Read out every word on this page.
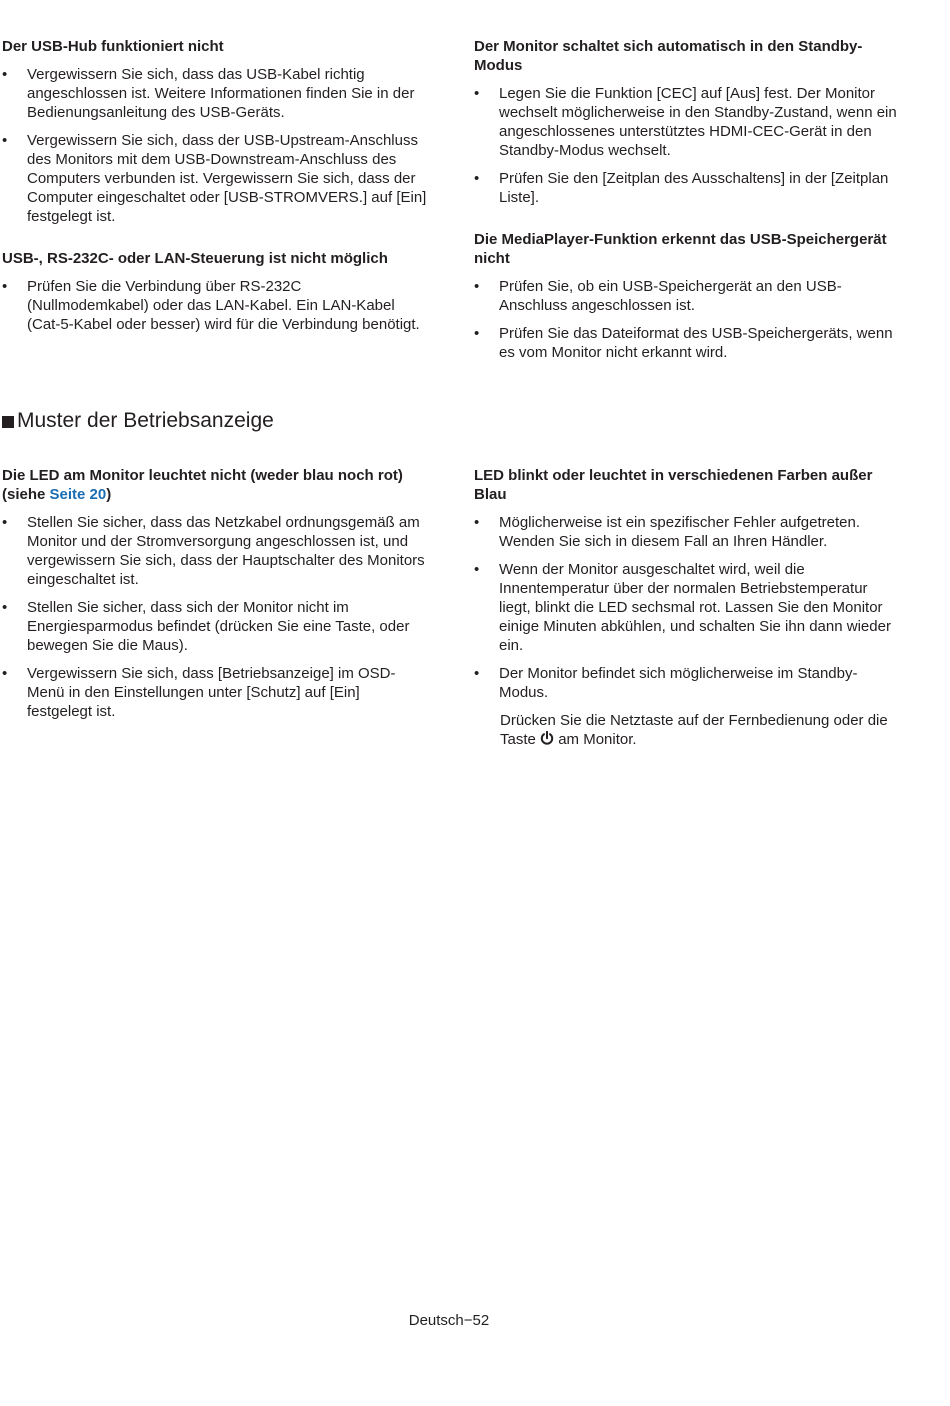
Der USB-Hub funktioniert nicht
•	Vergewissern Sie sich, dass das USB-Kabel richtig angeschlossen ist. Weitere Informationen finden Sie in der Bedienungsanleitung des USB-Geräts.
•	Vergewissern Sie sich, dass der USB-Upstream-Anschluss des Monitors mit dem USB-Downstream-Anschluss des Computers verbunden ist. Vergewissern Sie sich, dass der Computer eingeschaltet oder [USB-STROMVERS.] auf [Ein] festgelegt ist.
USB-, RS-232C- oder LAN-Steuerung ist nicht möglich
•	Prüfen Sie die Verbindung über RS-232C (Nullmodemkabel) oder das LAN-Kabel. Ein LAN-Kabel (Cat-5-Kabel oder besser) wird für die Verbindung benötigt.
Der Monitor schaltet sich automatisch in den Standby-Modus
•	Legen Sie die Funktion [CEC] auf [Aus] fest. Der Monitor wechselt möglicherweise in den Standby-Zustand, wenn ein angeschlossenes unterstütztes HDMI-CEC-Gerät in den Standby-Modus wechselt.
•	Prüfen Sie den [Zeitplan des Ausschaltens] in der [Zeitplan Liste].
Die MediaPlayer-Funktion erkennt das USB-Speichergerät nicht
•	Prüfen Sie, ob ein USB-Speichergerät an den USB-Anschluss angeschlossen ist.
•	Prüfen Sie das Dateiformat des USB-Speichergeräts, wenn es vom Monitor nicht erkannt wird.
Muster der Betriebsanzeige
Die LED am Monitor leuchtet nicht (weder blau noch rot) (siehe Seite 20)
•	Stellen Sie sicher, dass das Netzkabel ordnungsgemäß am Monitor und der Stromversorgung angeschlossen ist, und vergewissern Sie sich, dass der Hauptschalter des Monitors eingeschaltet ist.
•	Stellen Sie sicher, dass sich der Monitor nicht im Energiesparmodus befindet (drücken Sie eine Taste, oder bewegen Sie die Maus).
•	Vergewissern Sie sich, dass [Betriebsanzeige] im OSD-Menü in den Einstellungen unter [Schutz] auf [Ein] festgelegt ist.
LED blinkt oder leuchtet in verschiedenen Farben außer Blau
•	Möglicherweise ist ein spezifischer Fehler aufgetreten. Wenden Sie sich in diesem Fall an Ihren Händler.
•	Wenn der Monitor ausgeschaltet wird, weil die Innentemperatur über der normalen Betriebstemperatur liegt, blinkt die LED sechsmal rot. Lassen Sie den Monitor einige Minuten abkühlen, und schalten Sie ihn dann wieder ein.
•	Der Monitor befindet sich möglicherweise im Standby-Modus.
Drücken Sie die Netztaste auf der Fernbedienung oder die Taste am Monitor.
Deutsch−52
